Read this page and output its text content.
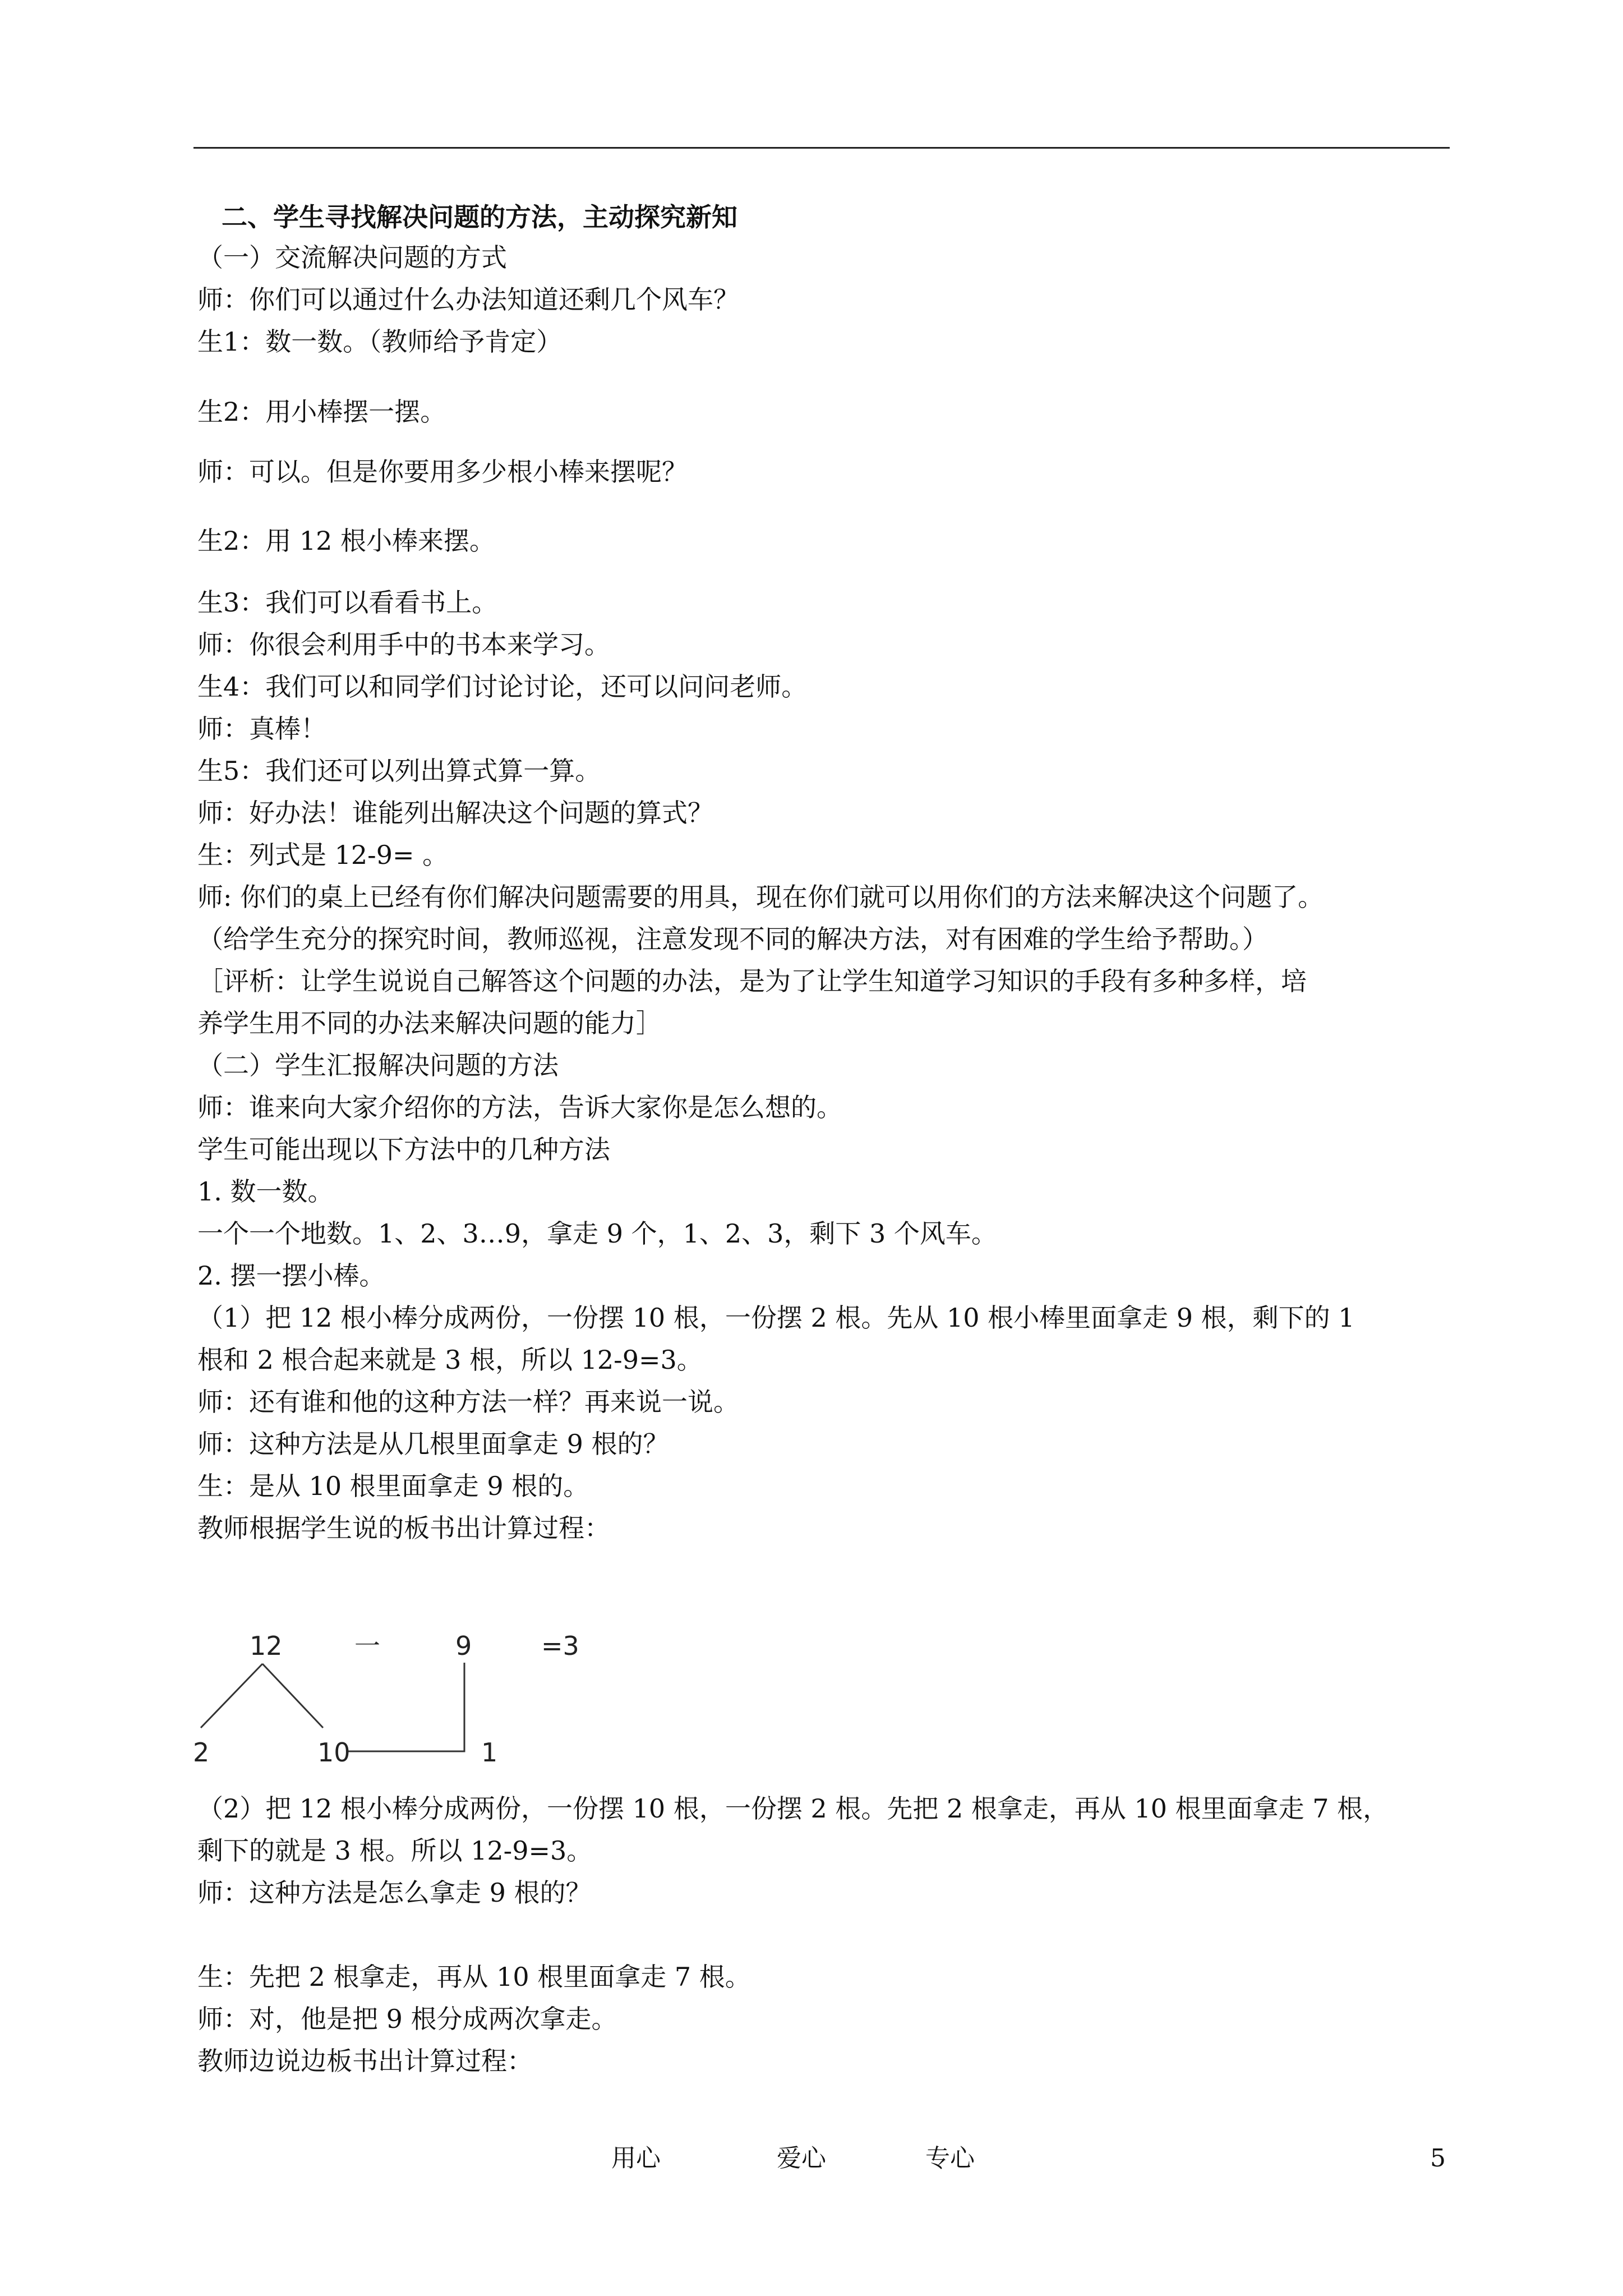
二、学生寻找解决问题的方法，主动探究新知
（一）交流解决问题的方式
师：你们可以通过什么办法知道还剩几个风车？
生1：数一数。（教师给予肯定）
生2：用小棒摆一摆。
师：可以。但是你要用多少根小棒来摆呢？
生2：用 12 根小棒来摆。
生3：我们可以看看书上。
师：你很会利用手中的书本来学习。
生4：我们可以和同学们讨论讨论，还可以问问老师。
师：真棒！
生5：我们还可以列出算式算一算。
师：好办法！谁能列出解决这个问题的算式？
生：列式是 12-9= 。
师: 你们的桌上已经有你们解决问题需要的用具，现在你们就可以用你们的方法来解决这个问题了。
（给学生充分的探究时间，教师巡视，注意发现不同的解决方法，对有困难的学生给予帮助。）
［评析：让学生说说自己解答这个问题的办法，是为了让学生知道学习知识的手段有多种多样，培
养学生用不同的办法来解决问题的能力］
（二）学生汇报解决问题的方法
师：谁来向大家介绍你的方法，告诉大家你是怎么想的。
学生可能出现以下方法中的几种方法
1. 数一数。
一个一个地数。1、2、3…9，拿走 9 个，1、2、3，剩下 3 个风车。
2. 摆一摆小棒。
（1）把 12 根小棒分成两份，一份摆 10 根，一份摆 2 根。先从 10 根小棒里面拿走 9 根，剩下的 1
根和 2 根合起来就是 3 根，所以 12-9=3。
师：还有谁和他的这种方法一样？再来说一说。
师：这种方法是从几根里面拿走 9 根的？
生：是从 10 根里面拿走 9 根的。
教师根据学生说的板书出计算过程：
12	一	9	=3
2	10	1
（2）把 12 根小棒分成两份，一份摆 10 根，一份摆 2 根。先把 2 根拿走，再从 10 根里面拿走 7 根，
剩下的就是 3 根。所以 12-9=3。
师：这种方法是怎么拿走 9 根的？
生：先把 2 根拿走，再从 10 根里面拿走 7 根。
师：对，他是把 9 根分成两次拿走。
教师边说边板书出计算过程：
用心	爱心	专心	5
